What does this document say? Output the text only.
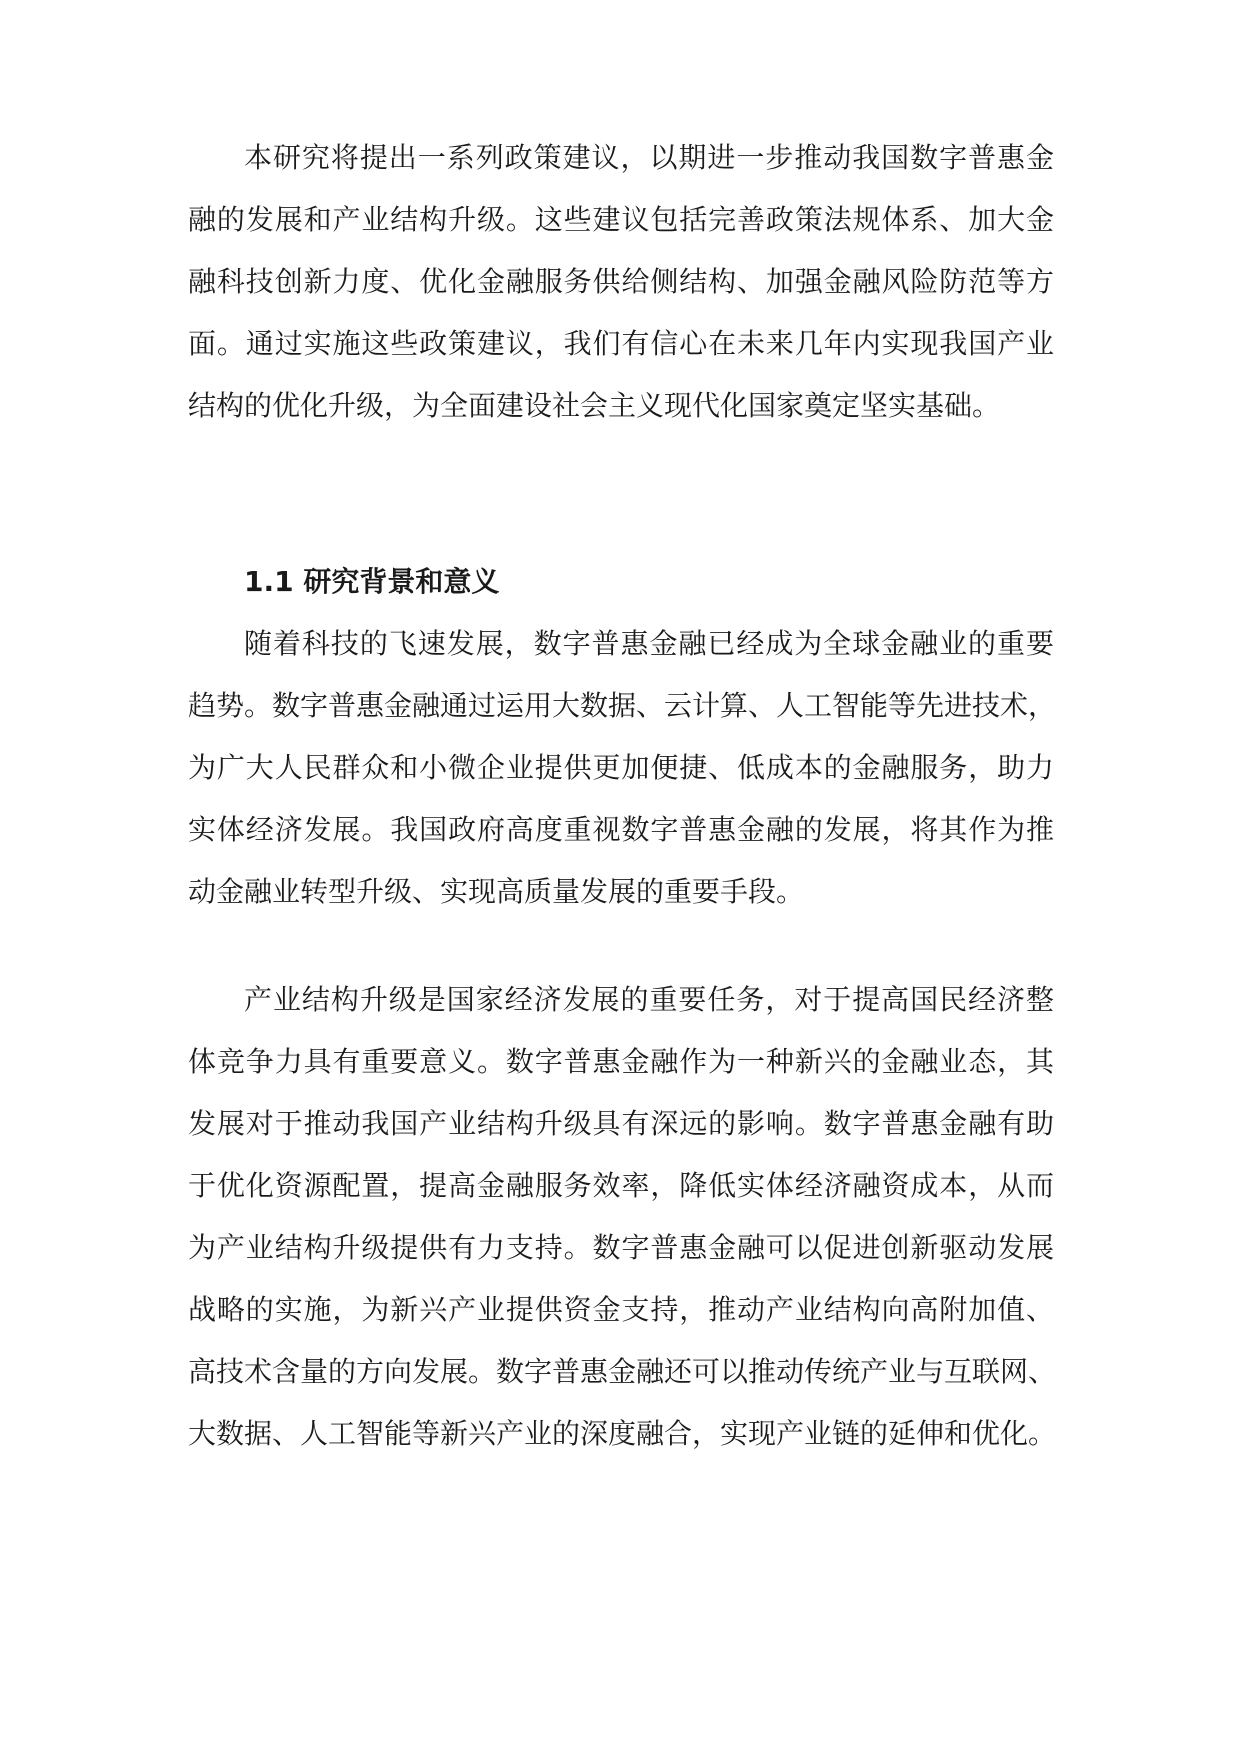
本研究将提出一系列政策建议，以期进一步推动我国数字普惠金
融的发展和产业结构升级。这些建议包括完善政策法规体系、加大金
融科技创新力度、优化金融服务供给侧结构、加强金融风险防范等方
面。通过实施这些政策建议，我们有信心在未来几年内实现我国产业
结构的优化升级，为全面建设社会主义现代化国家奠定坚实基础。
1.1 研究背景和意义
随着科技的飞速发展，数字普惠金融已经成为全球金融业的重要
趋势。数字普惠金融通过运用大数据、云计算、人工智能等先进技术，
为广大人民群众和小微企业提供更加便捷、低成本的金融服务，助力
实体经济发展。我国政府高度重视数字普惠金融的发展，将其作为推
动金融业转型升级、实现高质量发展的重要手段。
产业结构升级是国家经济发展的重要任务，对于提高国民经济整
体竞争力具有重要意义。数字普惠金融作为一种新兴的金融业态，其
发展对于推动我国产业结构升级具有深远的影响。数字普惠金融有助
于优化资源配置，提高金融服务效率，降低实体经济融资成本，从而
为产业结构升级提供有力支持。数字普惠金融可以促进创新驱动发展
战略的实施，为新兴产业提供资金支持，推动产业结构向高附加值、
高技术含量的方向发展。数字普惠金融还可以推动传统产业与互联网、
大数据、人工智能等新兴产业的深度融合，实现产业链的延伸和优化。
